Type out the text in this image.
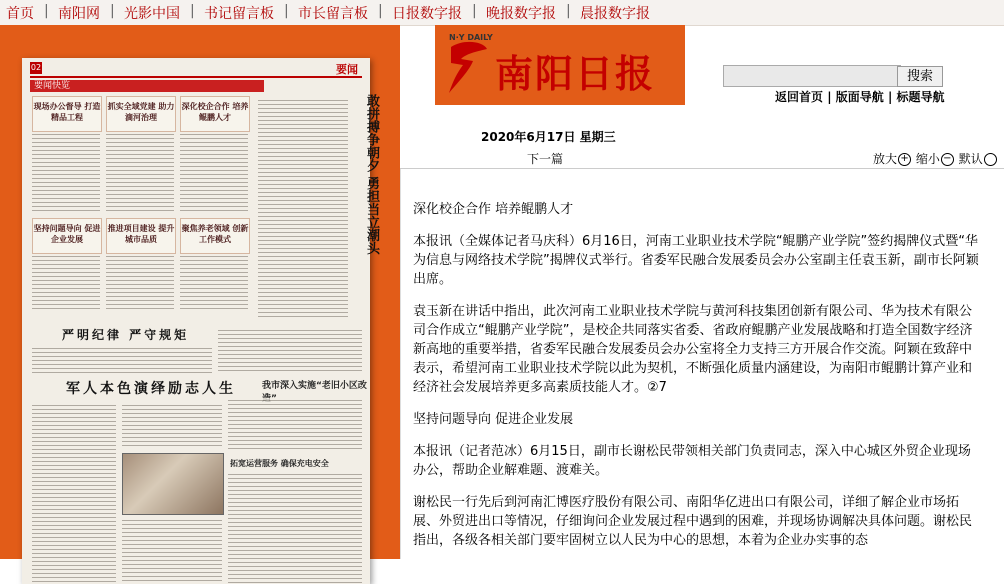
首页 | 南阳网 | 光影中国 | 书记留言板 | 市长留言板 | 日报数字报 | 晚报数字报 | 晨报数字报
02	要闻
要闻快览
现场办公督导 打造精品工程
抓实全域党建 助力滴河治理
深化校企合作 培养鲲鹏人才
坚持问题导向 促进企业发展
推进项目建设 提升城市品质
聚焦养老领域 创新工作模式	敢拼搏争朝夕 勇担当立潮头
严明纪律 严守规矩
军人本色演绎励志人生	我市深入实施“老旧小区改
拓宽运营服务 确保充电安全
N·Y DAILY
南阳日报	搜索
返回首页 | 版面导航 | 标题导航
2020年6月17日 星期三
下一篇	放大 + 缩小 − 默认

深化校企合作 培养鲲鹏人才

本报讯（全媒体记者马庆科）6月16日，河南工业职业技术学院“鲲鹏产业学院”签约揭牌仪式暨“华为信息与网络技术学院”揭牌仪式举行。省委军民融合发展委员会办公室副主任袁玉新，副市长阿颖出席。

袁玉新在讲话中指出，此次河南工业职业技术学院与黄河科技集团创新有限公司、华为技术有限公司合作成立“鲲鹏产业学院”，是校企共同落实省委、省政府鲲鹏产业发展战略和打造全国数字经济新高地的重要举措，省委军民融合发展委员会办公室将全力支持三方开展合作交流。阿颖在致辞中表示，希望河南工业职业技术学院以此为契机，不断强化质量内涵建设，为南阳市鲲鹏计算产业和经济社会发展培养更多高素质技能人才。②7

坚持问题导向 促进企业发展

本报讯（记者范冰）6月15日，副市长谢松民带领相关部门负责同志，深入中心城区外贸企业现场办公，帮助企业解难题、渡难关。

谢松民一行先后到河南汇博医疗股份有限公司、南阳华亿进出口有限公司，详细了解企业市场拓展、外贸进出口等情况，仔细询问企业发展过程中遇到的困难，并现场协调解决具体问题。谢松民指出，各级各相关部门要牢固树立以人民为中心的思想，本着为企业办实事的态
